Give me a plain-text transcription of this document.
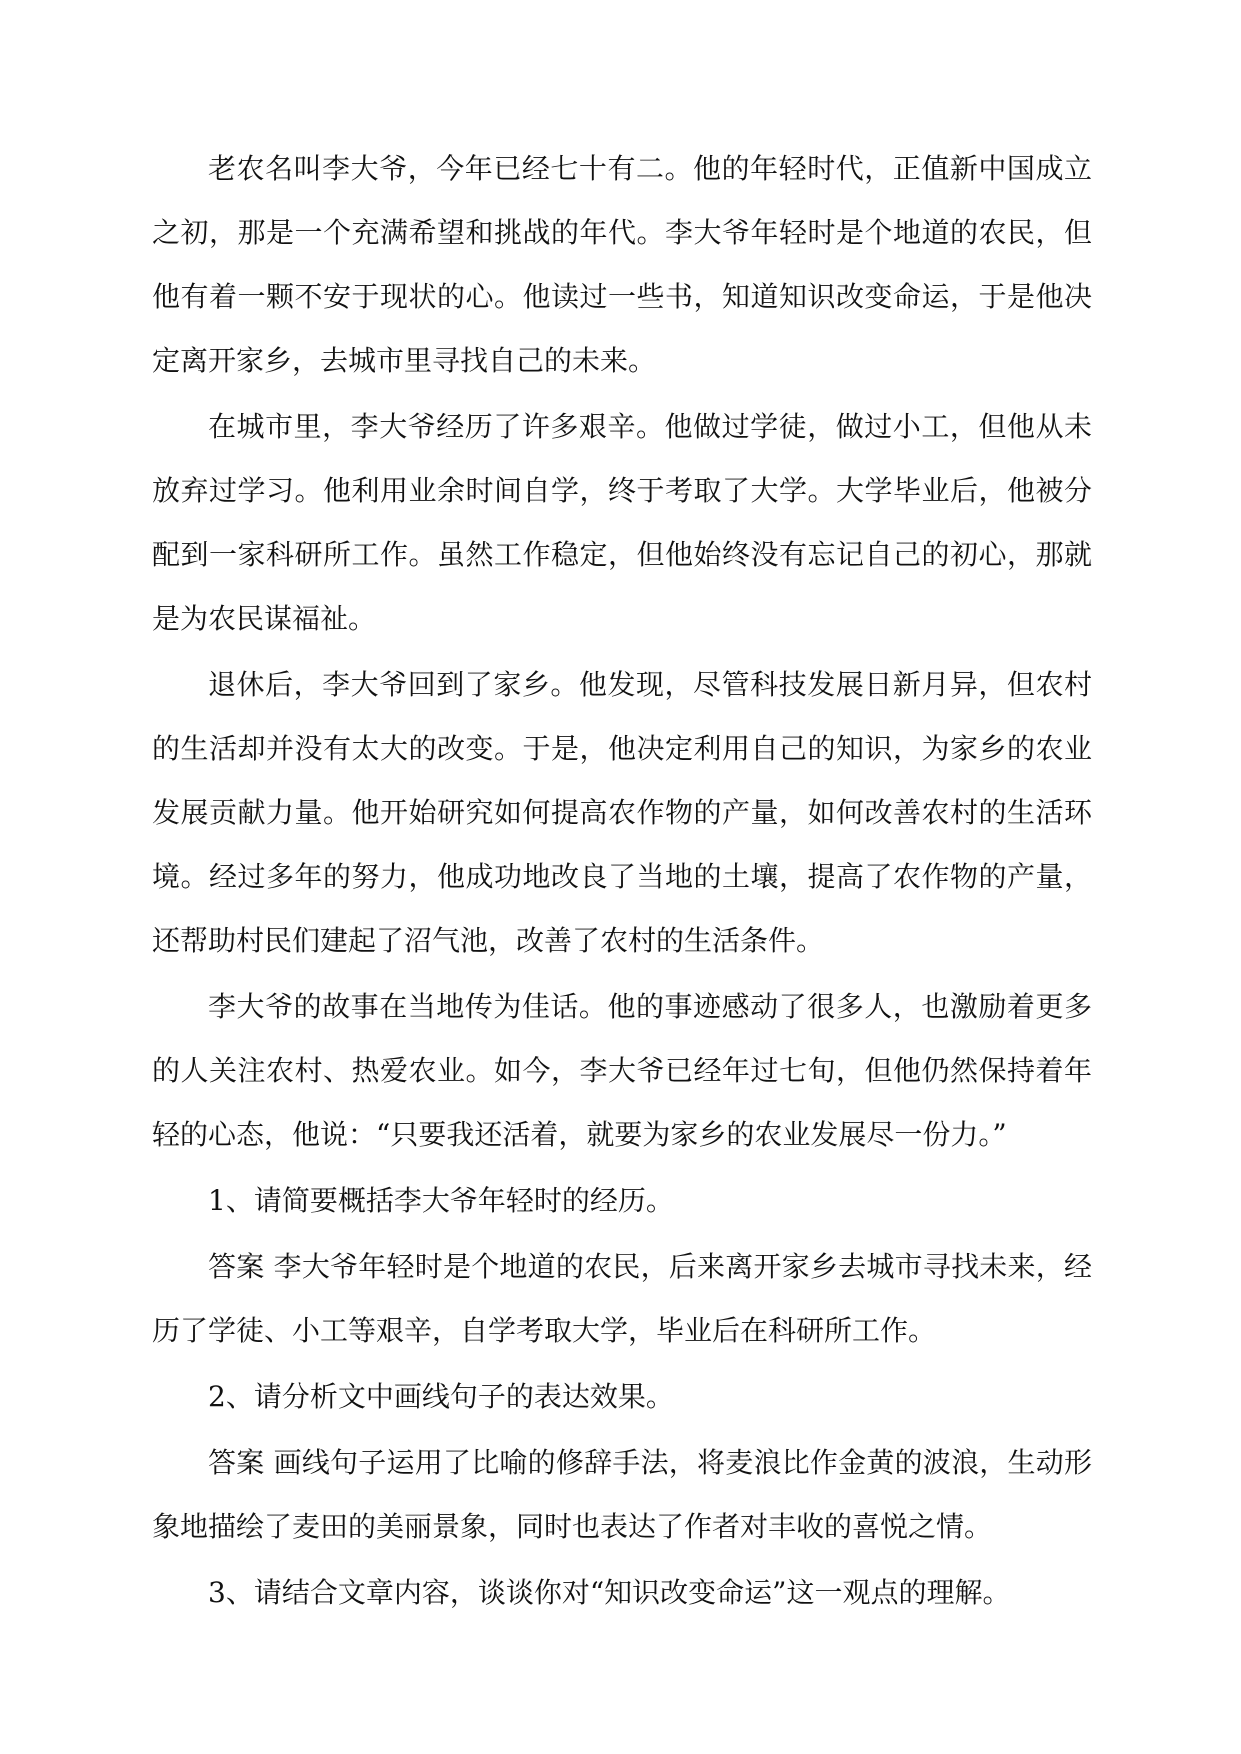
老农名叫李大爷，今年已经七十有二。他的年轻时代，正值新中国成立之初，那是一个充满希望和挑战的年代。李大爷年轻时是个地道的农民，但他有着一颗不安于现状的心。他读过一些书，知道知识改变命运，于是他决定离开家乡，去城市里寻找自己的未来。

在城市里，李大爷经历了许多艰辛。他做过学徒，做过小工，但他从未放弃过学习。他利用业余时间自学，终于考取了大学。大学毕业后，他被分配到一家科研所工作。虽然工作稳定，但他始终没有忘记自己的初心，那就是为农民谋福祉。

退休后，李大爷回到了家乡。他发现，尽管科技发展日新月异，但农村的生活却并没有太大的改变。于是，他决定利用自己的知识，为家乡的农业发展贡献力量。他开始研究如何提高农作物的产量，如何改善农村的生活环境。经过多年的努力，他成功地改良了当地的土壤，提高了农作物的产量，还帮助村民们建起了沼气池，改善了农村的生活条件。

李大爷的故事在当地传为佳话。他的事迹感动了很多人，也激励着更多的人关注农村、热爱农业。如今，李大爷已经年过七旬，但他仍然保持着年轻的心态，他说：“只要我还活着，就要为家乡的农业发展尽一份力。”

1、请简要概括李大爷年轻时的经历。

答案 李大爷年轻时是个地道的农民，后来离开家乡去城市寻找未来，经历了学徒、小工等艰辛，自学考取大学，毕业后在科研所工作。

2、请分析文中画线句子的表达效果。

答案 画线句子运用了比喻的修辞手法，将麦浪比作金黄的波浪，生动形象地描绘了麦田的美丽景象，同时也表达了作者对丰收的喜悦之情。

3、请结合文章内容，谈谈你对“知识改变命运”这一观点的理解。
